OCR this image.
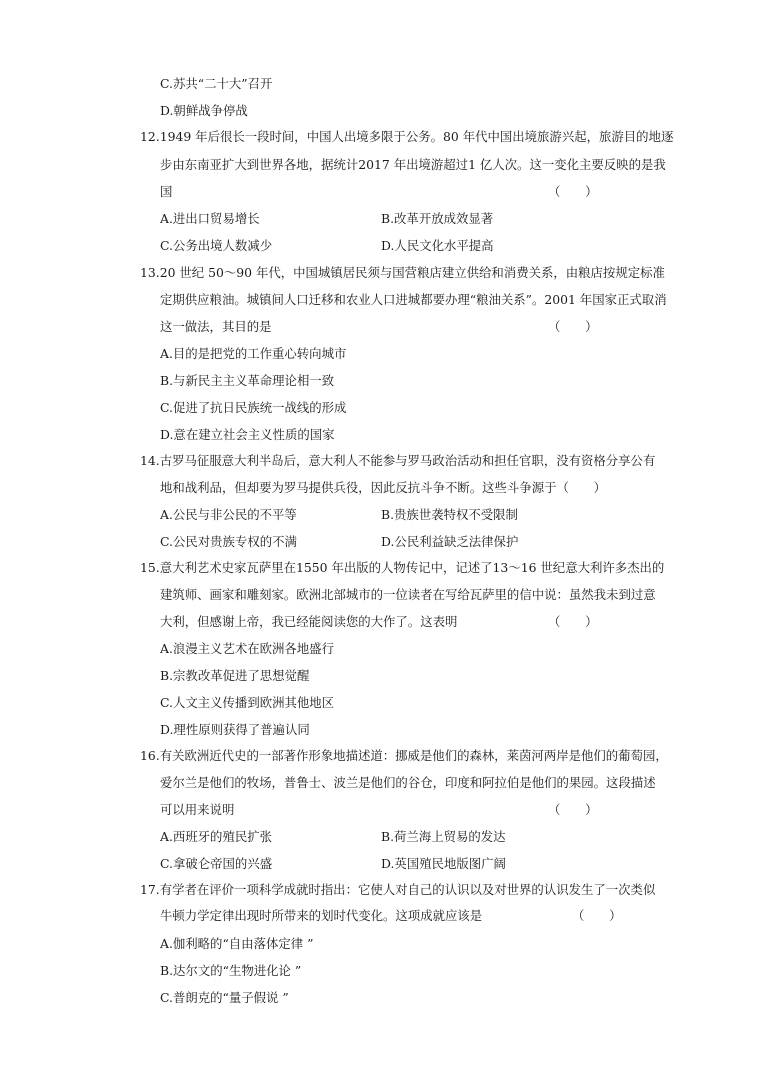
C.苏共“二十大”召开
D.朝鲜战争停战
12.1949 年后很长一段时间，中国人出境多限于公务。80 年代中国出境旅游兴起，旅游目的地逐
步由东南亚扩大到世界各地，据统计2017 年出境游超过1 亿人次。这一变化主要反映的是我
国	（　　）
A.进出口贸易增长	B.改革开放成效显著
C.公务出境人数减少	D.人民文化水平提高
13.20 世纪 50～90 年代，中国城镇居民须与国营粮店建立供给和消费关系，由粮店按规定标准
定期供应粮油。城镇间人口迁移和农业人口进城都要办理“粮油关系”。2001 年国家正式取消
这一做法，其目的是	（　　）
A.目的是把党的工作重心转向城市
B.与新民主主义革命理论相一致
C.促进了抗日民族统一战线的形成
D.意在建立社会主义性质的国家
14.古罗马征服意大利半岛后，意大利人不能参与罗马政治活动和担任官职，没有资格分享公有
地和战利品，但却要为罗马提供兵役，因此反抗斗争不断。这些斗争源于（　　）
A.公民与非公民的不平等	B.贵族世袭特权不受限制
C.公民对贵族专权的不满	D.公民利益缺乏法律保护
15.意大利艺术史家瓦萨里在1550 年出版的人物传记中，记述了13～16 世纪意大利许多杰出的
建筑师、画家和雕刻家。欧洲北部城市的一位读者在写给瓦萨里的信中说：虽然我未到过意
大利，但感谢上帝，我已经能阅读您的大作了。这表明	（　　）
A.浪漫主义艺术在欧洲各地盛行
B.宗教改革促进了思想觉醒
C.人文主义传播到欧洲其他地区
D.理性原则获得了普遍认同
16.有关欧洲近代史的一部著作形象地描述道：挪威是他们的森林，莱茵河两岸是他们的葡萄园，
爱尔兰是他们的牧场，普鲁士、波兰是他们的谷仓，印度和阿拉伯是他们的果园。这段描述
可以用来说明	（　　）
A.西班牙的殖民扩张	B.荷兰海上贸易的发达
C.拿破仑帝国的兴盛	D.英国殖民地版图广阔
17.有学者在评价一项科学成就时指出：它使人对自己的认识以及对世界的认识发生了一次类似
牛顿力学定律出现时所带来的划时代变化。这项成就应该是	（　　）
A.伽利略的“自由落体定律 ”
B.达尔文的“生物进化论 ”
C.普朗克的“量子假说 ”
